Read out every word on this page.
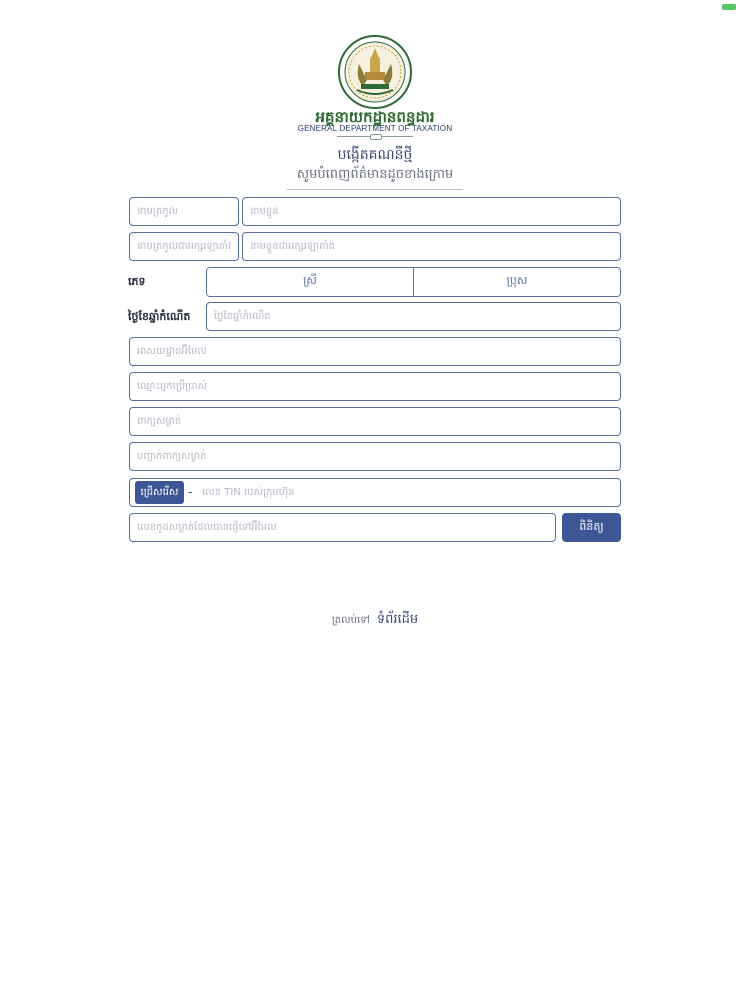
អគ្គនាយកដ្ឋានពន្ធដារ
GENERAL DEPARTMENT OF TAXATION
បង្កើតគណនីថ្មី
សូមបំពេញព័ត៌មានដូចខាងក្រោម
នាមត្រកូល
នាមខ្លួន
នាមត្រកូលជាអក្សរឡាតាំង
នាមខ្លួនជាអក្សរឡាតាំង
ភេទ	ស្រី	ប្រុស
ថ្ងៃខែឆ្នាំកំណើត
ថ្ងៃខែឆ្នាំកំណើត
អាសយដ្ឋានអ៊ីមែល
ឈ្មោះអ្នកប្រើប្រាស់
ជ្រើសរើស -
លេខ TIN របស់ក្រុមហ៊ុន
លេខកូដសម្ងាត់ដែលបានផ្ញើទៅអ៊ីមែល
ពិនិត្យ
ត្រលប់ទៅ ទំព័រដើម
